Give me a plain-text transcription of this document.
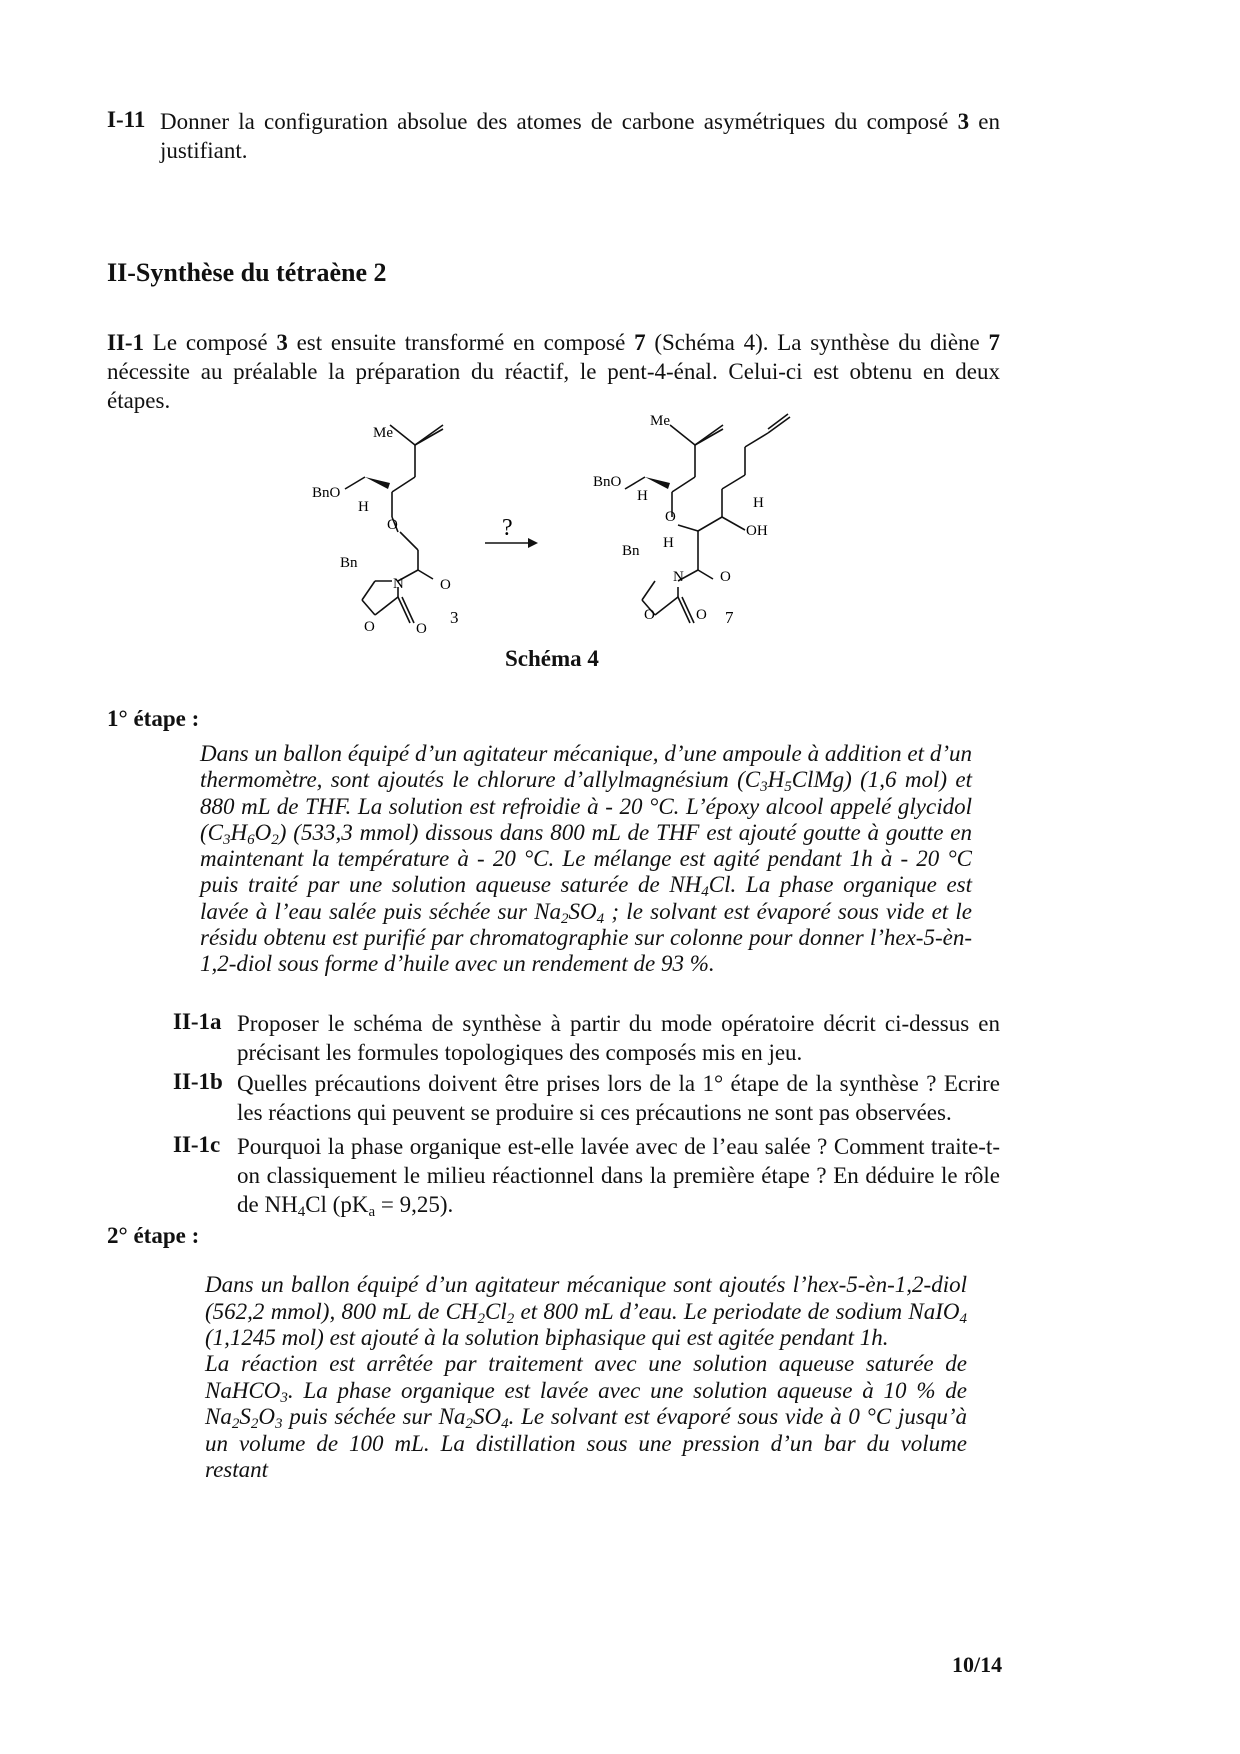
I-11 Donner la configuration absolue des atomes de carbone asymétriques du composé 3 en justifiant.
II-Synthèse du tétraène 2
II-1 Le composé 3 est ensuite transformé en composé 7 (Schéma 4). La synthèse du diène 7 nécessite au préalable la préparation du réactif, le pent-4-énal. Celui-ci est obtenu en deux étapes.
Me
BnO
H
O
Bn
N O
O	O
3
?
Me
BnO
H
O
H
Bn
N O
O	O
H
OH
7
Schéma 4
1° étape :
Dans un ballon équipé d’un agitateur mécanique, d’une ampoule à addition et d’un thermomètre, sont ajoutés le chlorure d’allylmagnésium $(C_3H_5ClMg)$ (1,6 mol) et 880 mL de THF. La solution est refroidie à - 20 °C. L’époxy alcool appelé glycidol $(C_3H_6O_2)$ (533,3 mmol) dissous dans 800 mL de THF est ajouté goutte à goutte en maintenant la température à - 20 °C. Le mélange est agité pendant 1h à - 20 °C puis traité par une solution aqueuse saturée de $NH_4Cl$. La phase organique est lavée à l’eau salée puis séchée sur $Na_2SO_4$ ; le solvant est évaporé sous vide et le résidu obtenu est purifié par chromatographie sur colonne pour donner l’hex-5-èn-1,2-diol sous forme d’huile avec un rendement de 93 %.
II-1a Proposer le schéma de synthèse à partir du mode opératoire décrit ci-dessus en précisant les formules topologiques des composés mis en jeu.
II-1b Quelles précautions doivent être prises lors de la 1° étape de la synthèse ? Ecrire les réactions qui peuvent se produire si ces précautions ne sont pas observées.
II-1c Pourquoi la phase organique est-elle lavée avec de l’eau salée ? Comment traite-t-on classiquement le milieu réactionnel dans la première étape ? En déduire le rôle de $NH_4Cl$ $(pK_a = 9,25)$.
2° étape :
Dans un ballon équipé d’un agitateur mécanique sont ajoutés l’hex-5-èn-1,2-diol (562,2 mmol), 800 mL de $CH_2Cl_2$ et 800 mL d’eau. Le periodate de sodium NaIO$_4$ (1,1245 mol) est ajouté à la solution biphasique qui est agitée pendant 1h.
La réaction est arrêtée par traitement avec une solution aqueuse saturée de NaHCO$_3$. La phase organique est lavée avec une solution aqueuse à 10 % de $Na_2S_2O_3$ puis séchée sur $Na_2SO_4$. Le solvant est évaporé sous vide à 0 °C jusqu’à un volume de 100 mL. La distillation sous une pression d’un bar du volume restant
10/14
